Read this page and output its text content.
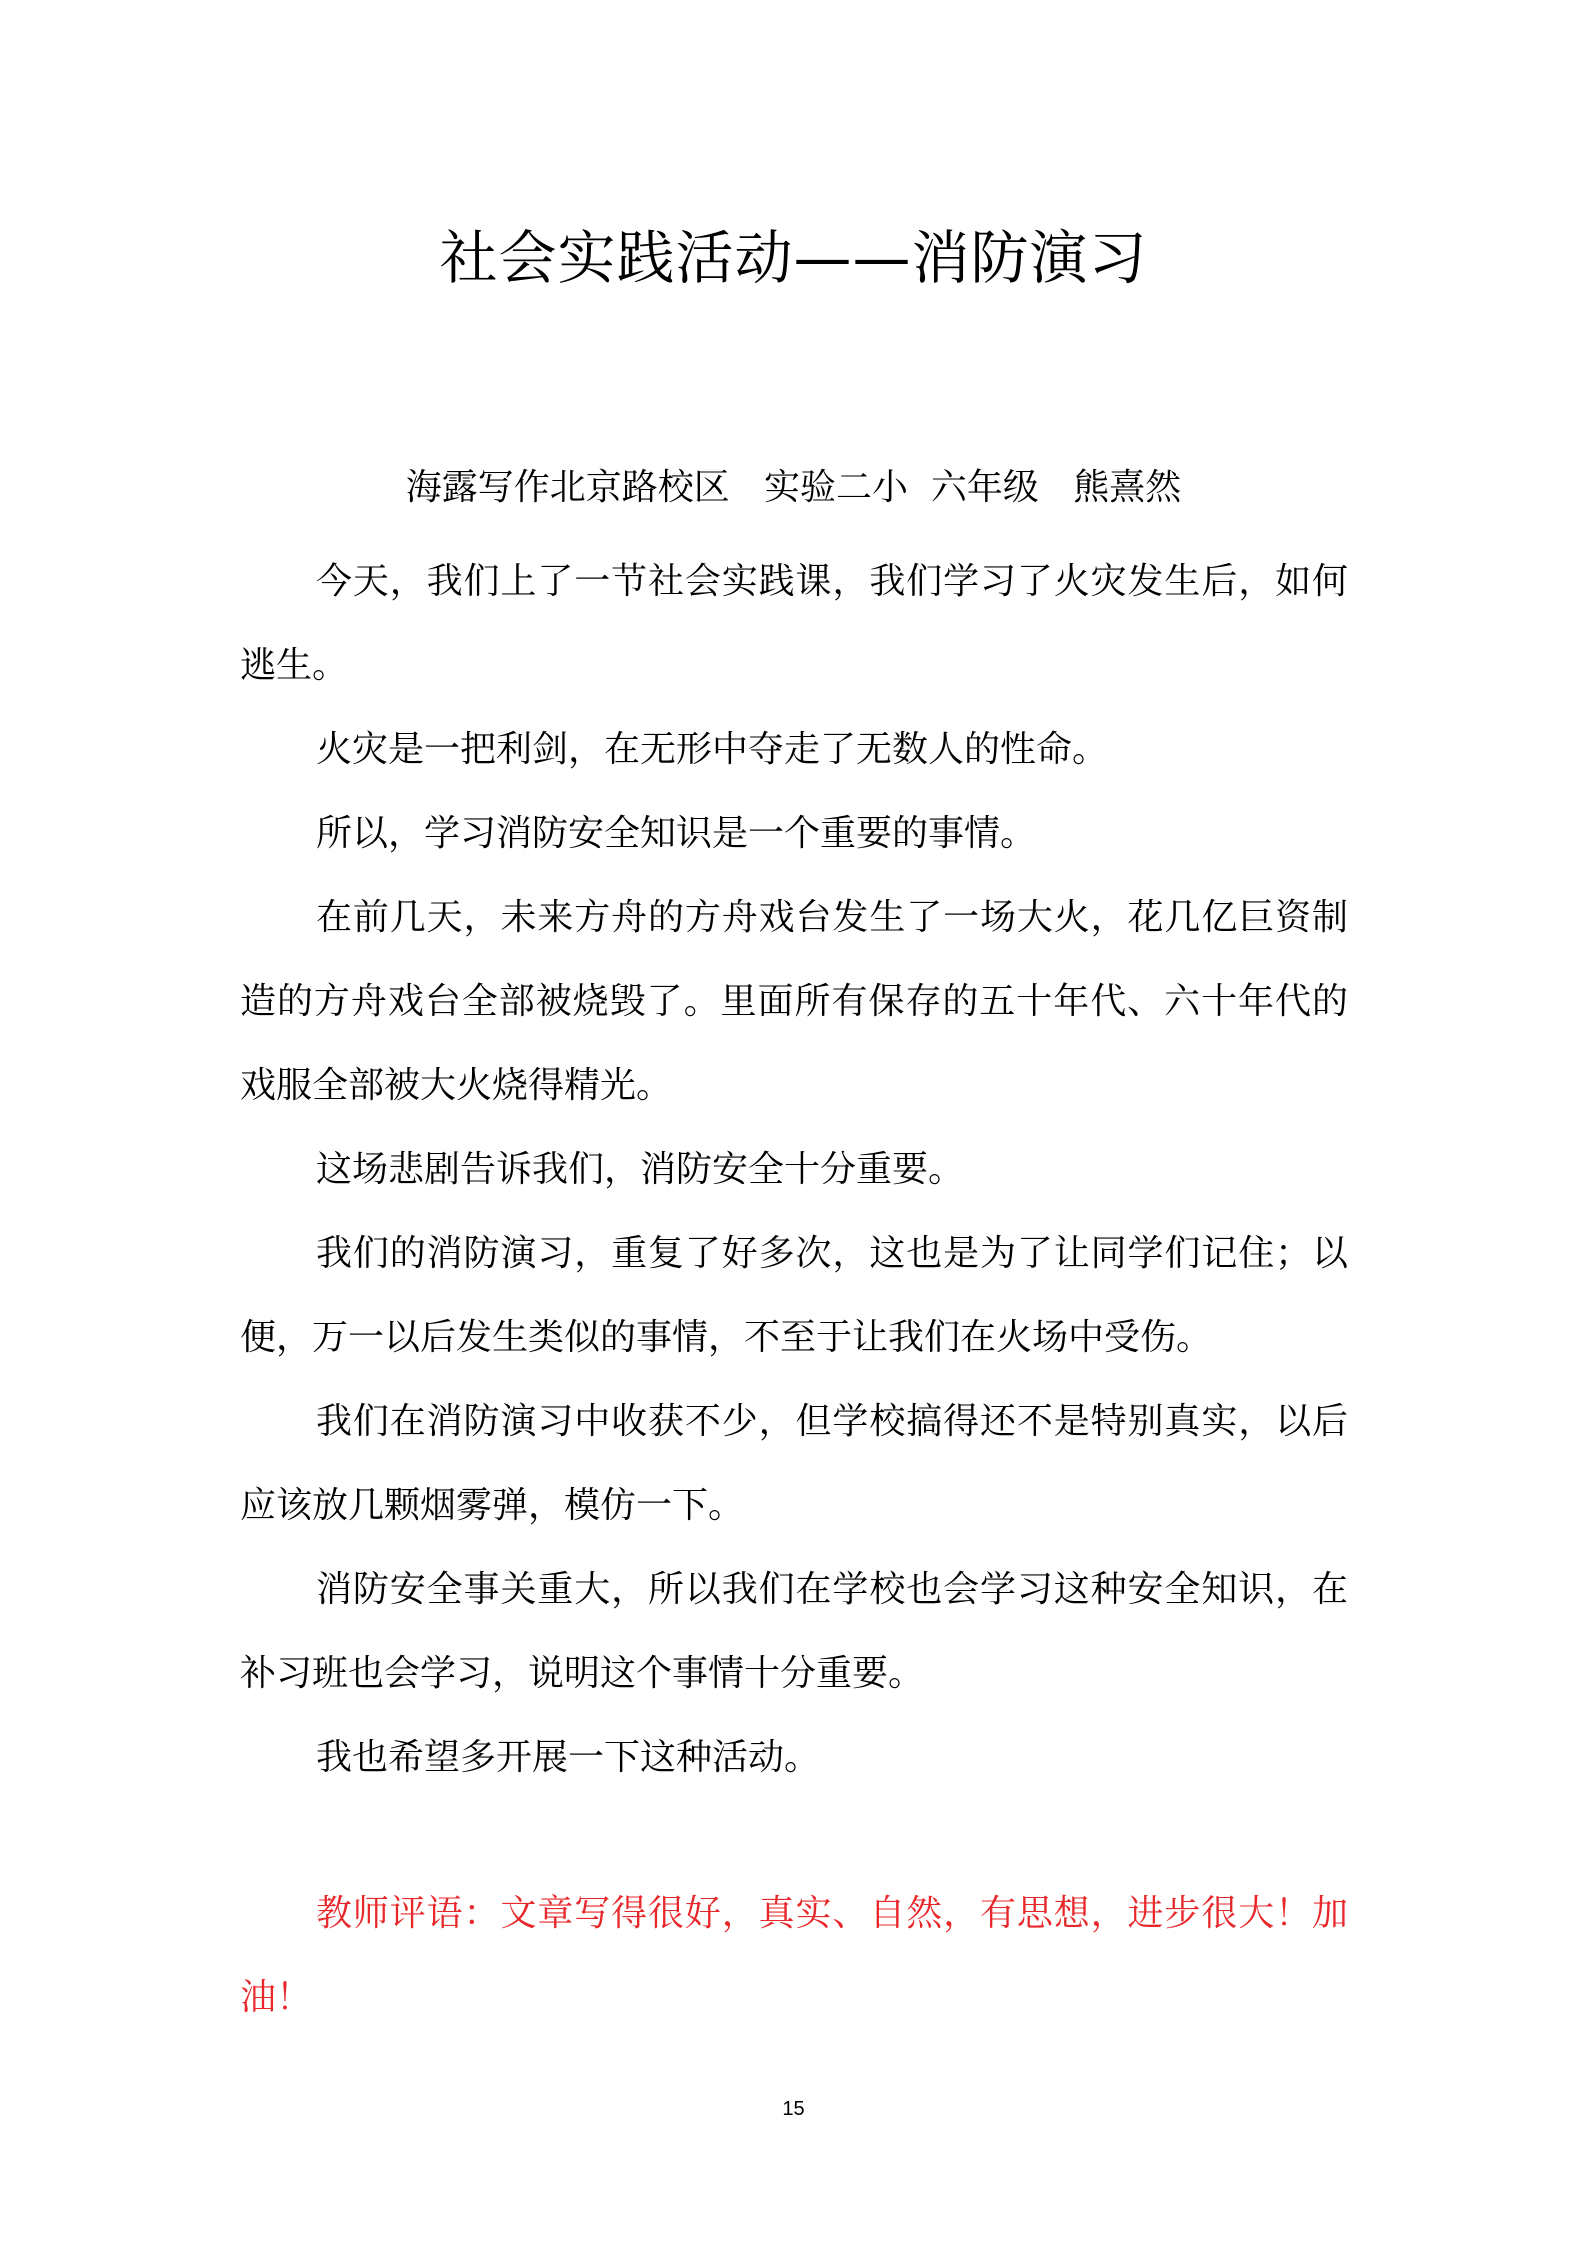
社会实践活动——消防演习

海露写作北京路校区   实验二小  六年级   熊熹然

今天，我们上了一节社会实践课，我们学习了火灾发生后，如何逃生。

火灾是一把利剑，在无形中夺走了无数人的性命。

所以，学习消防安全知识是一个重要的事情。

在前几天，未来方舟的方舟戏台发生了一场大火，花几亿巨资制造的方舟戏台全部被烧毁了。里面所有保存的五十年代、六十年代的戏服全部被大火烧得精光。

这场悲剧告诉我们，消防安全十分重要。

我们的消防演习，重复了好多次，这也是为了让同学们记住；以便，万一以后发生类似的事情，不至于让我们在火场中受伤。

我们在消防演习中收获不少，但学校搞得还不是特别真实，以后应该放几颗烟雾弹，模仿一下。

消防安全事关重大，所以我们在学校也会学习这种安全知识，在补习班也会学习，说明这个事情十分重要。

我也希望多开展一下这种活动。

教师评语：文章写得很好，真实、自然，有思想，进步很大！加油！

15
